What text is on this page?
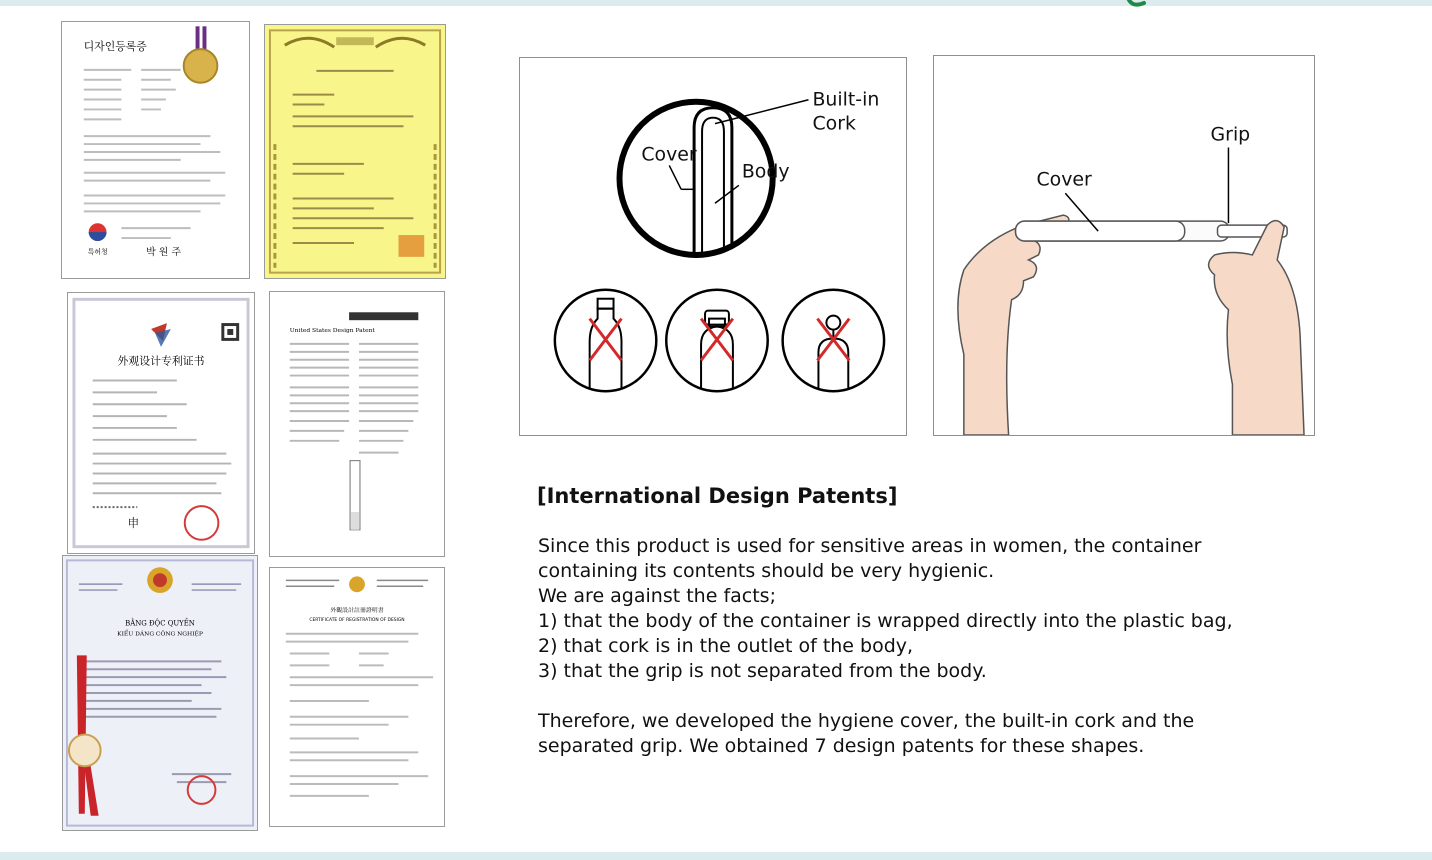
디자인등록증
특허청	박 원 주
外观设计专利证书
申
United States Design Patent
BẰNG ĐỘC QUYỀN
KIỂU DÁNG CÔNG NGHIỆP
外觀設計註冊證明書
CERTIFICATE OF REGISTRATION OF DESIGN
Built-in
Cork
Cover
Body	Cover
Grip
[International Design Patents]
Since this product is used for sensitive areas in women, the container
containing its contents should be very hygienic.
We are against the facts;
1) that the body of the container is wrapped directly into the plastic bag,
2) that cork is in the outlet of the body,
3) that the grip is not separated from the body.
Therefore, we developed the hygiene cover, the built-in cork and the
separated grip. We obtained 7 design patents for these shapes.
